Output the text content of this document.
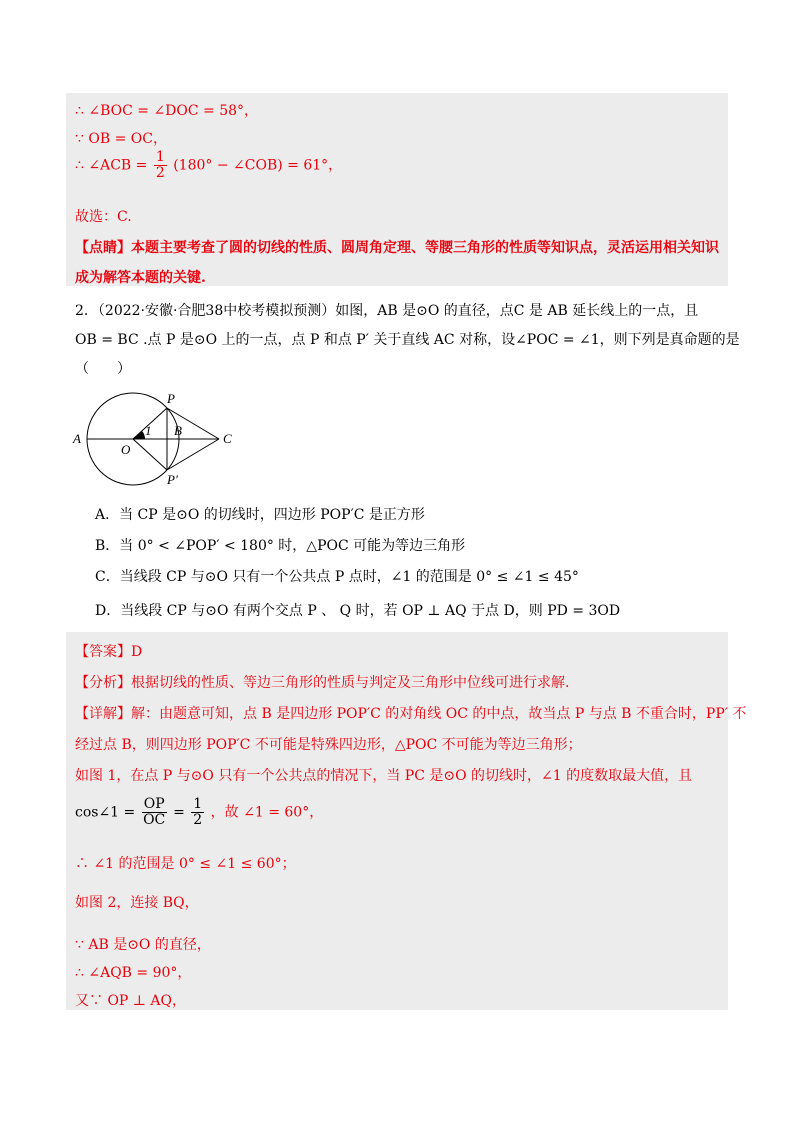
∴ ∠BOC = ∠DOC = 58°，
∵ OB = OC，
∴ ∠ACB = $\frac{1}{2} (180^\circ$ − ∠COB) = 61°，
故选：C.
【点睛】本题主要考查了圆的切线的性质、圆周角定理、等腰三角形的性质等知识点，灵活运用相关知识
成为解答本题的关键.
2．（2022·安徽·合肥38中校考模拟预测）如图，AB 是⊙O 的直径，点C 是 AB 延长线上的一点，且
OB = BC .点 P 是⊙O 上的一点，点 P 和点 P′ 关于直线 AC 对称，设∠POC = ∠1，则下列是真命题的是
（　　）
A
O
1 B
C
P
P'
A．当 CP 是⊙O 的切线时，四边形 POP′C 是正方形
B．当 0° < ∠POP′ < 180° 时，△POC 可能为等边三角形
C．当线段 CP 与⊙O 只有一个公共点 P 点时，∠1 的范围是 0° ≤ ∠1 ≤ 45°
D．当线段 CP 与⊙O 有两个交点 P 、 Q 时，若 OP ⊥ AQ 于点 D，则 PD = 3OD
【答案】D
【分析】根据切线的性质、等边三角形的性质与判定及三角形中位线可进行求解.
【详解】解：由题意可知，点 B 是四边形 POP′C 的对角线 OC 的中点，故当点 P 与点 B 不重合时，PP′ 不
经过点 B，则四边形 POP′C 不可能是特殊四边形，△POC 不可能为等边三角形；
如图 1，在点 P 与⊙O 只有一个公共点的情况下，当 PC 是⊙O 的切线时，∠1 的度数取最大值，且
cos∠1 = $\frac{OP}{OC} = \frac{1}{2}$ ，故 ∠1 = 60°，
∴ ∠1 的范围是 0° ≤ ∠1 ≤ 60°；
如图 2，连接 BQ，
∵ AB 是⊙O 的直径，
∴ ∠AQB = 90°，
又∵ OP ⊥ AQ，
